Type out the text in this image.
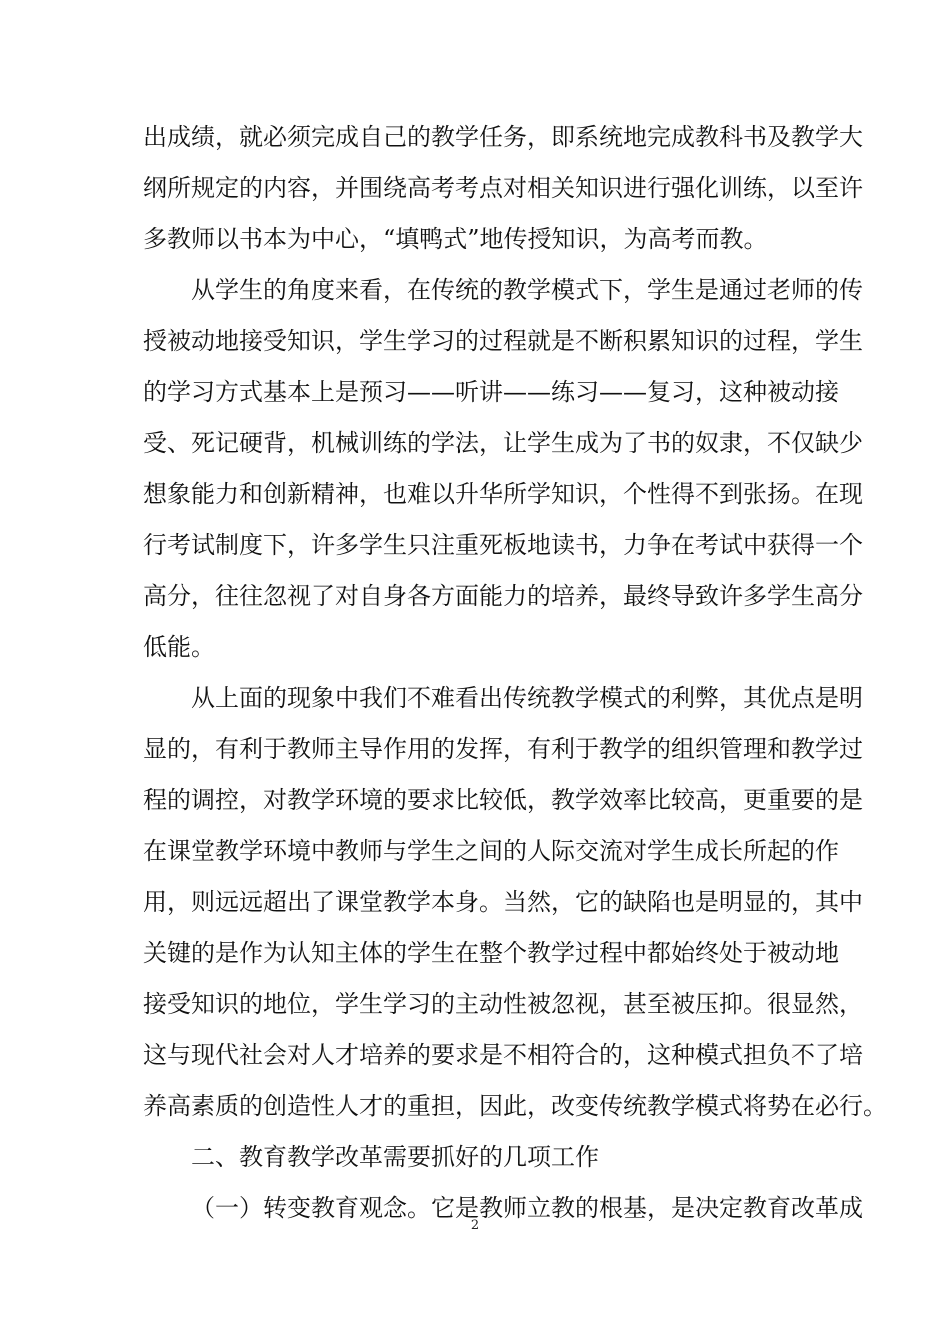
出成绩，就必须完成自己的教学任务，即系统地完成教科书及教学大
纲所规定的内容，并围绕高考考点对相关知识进行强化训练，以至许
多教师以书本为中心，“填鸭式”地传授知识，为高考而教。
从学生的角度来看，在传统的教学模式下，学生是通过老师的传
授被动地接受知识，学生学习的过程就是不断积累知识的过程，学生
的学习方式基本上是预习——听讲——练习——复习，这种被动接
受、死记硬背，机械训练的学法，让学生成为了书的奴隶，不仅缺少
想象能力和创新精神，也难以升华所学知识，个性得不到张扬。在现
行考试制度下，许多学生只注重死板地读书，力争在考试中获得一个
高分，往往忽视了对自身各方面能力的培养，最终导致许多学生高分
低能。
从上面的现象中我们不难看出传统教学模式的利弊，其优点是明
显的，有利于教师主导作用的发挥，有利于教学的组织管理和教学过
程的调控，对教学环境的要求比较低，教学效率比较高，更重要的是
在课堂教学环境中教师与学生之间的人际交流对学生成长所起的作
用，则远远超出了课堂教学本身。当然，它的缺陷也是明显的，其中
关键的是作为认知主体的学生在整个教学过程中都始终处于被动地
接受知识的地位，学生学习的主动性被忽视，甚至被压抑。很显然，
这与现代社会对人才培养的要求是不相符合的，这种模式担负不了培
养高素质的创造性人才的重担，因此，改变传统教学模式将势在必行。
二、教育教学改革需要抓好的几项工作
（一）转变教育观念。它是教师立教的根基，是决定教育改革成
2
